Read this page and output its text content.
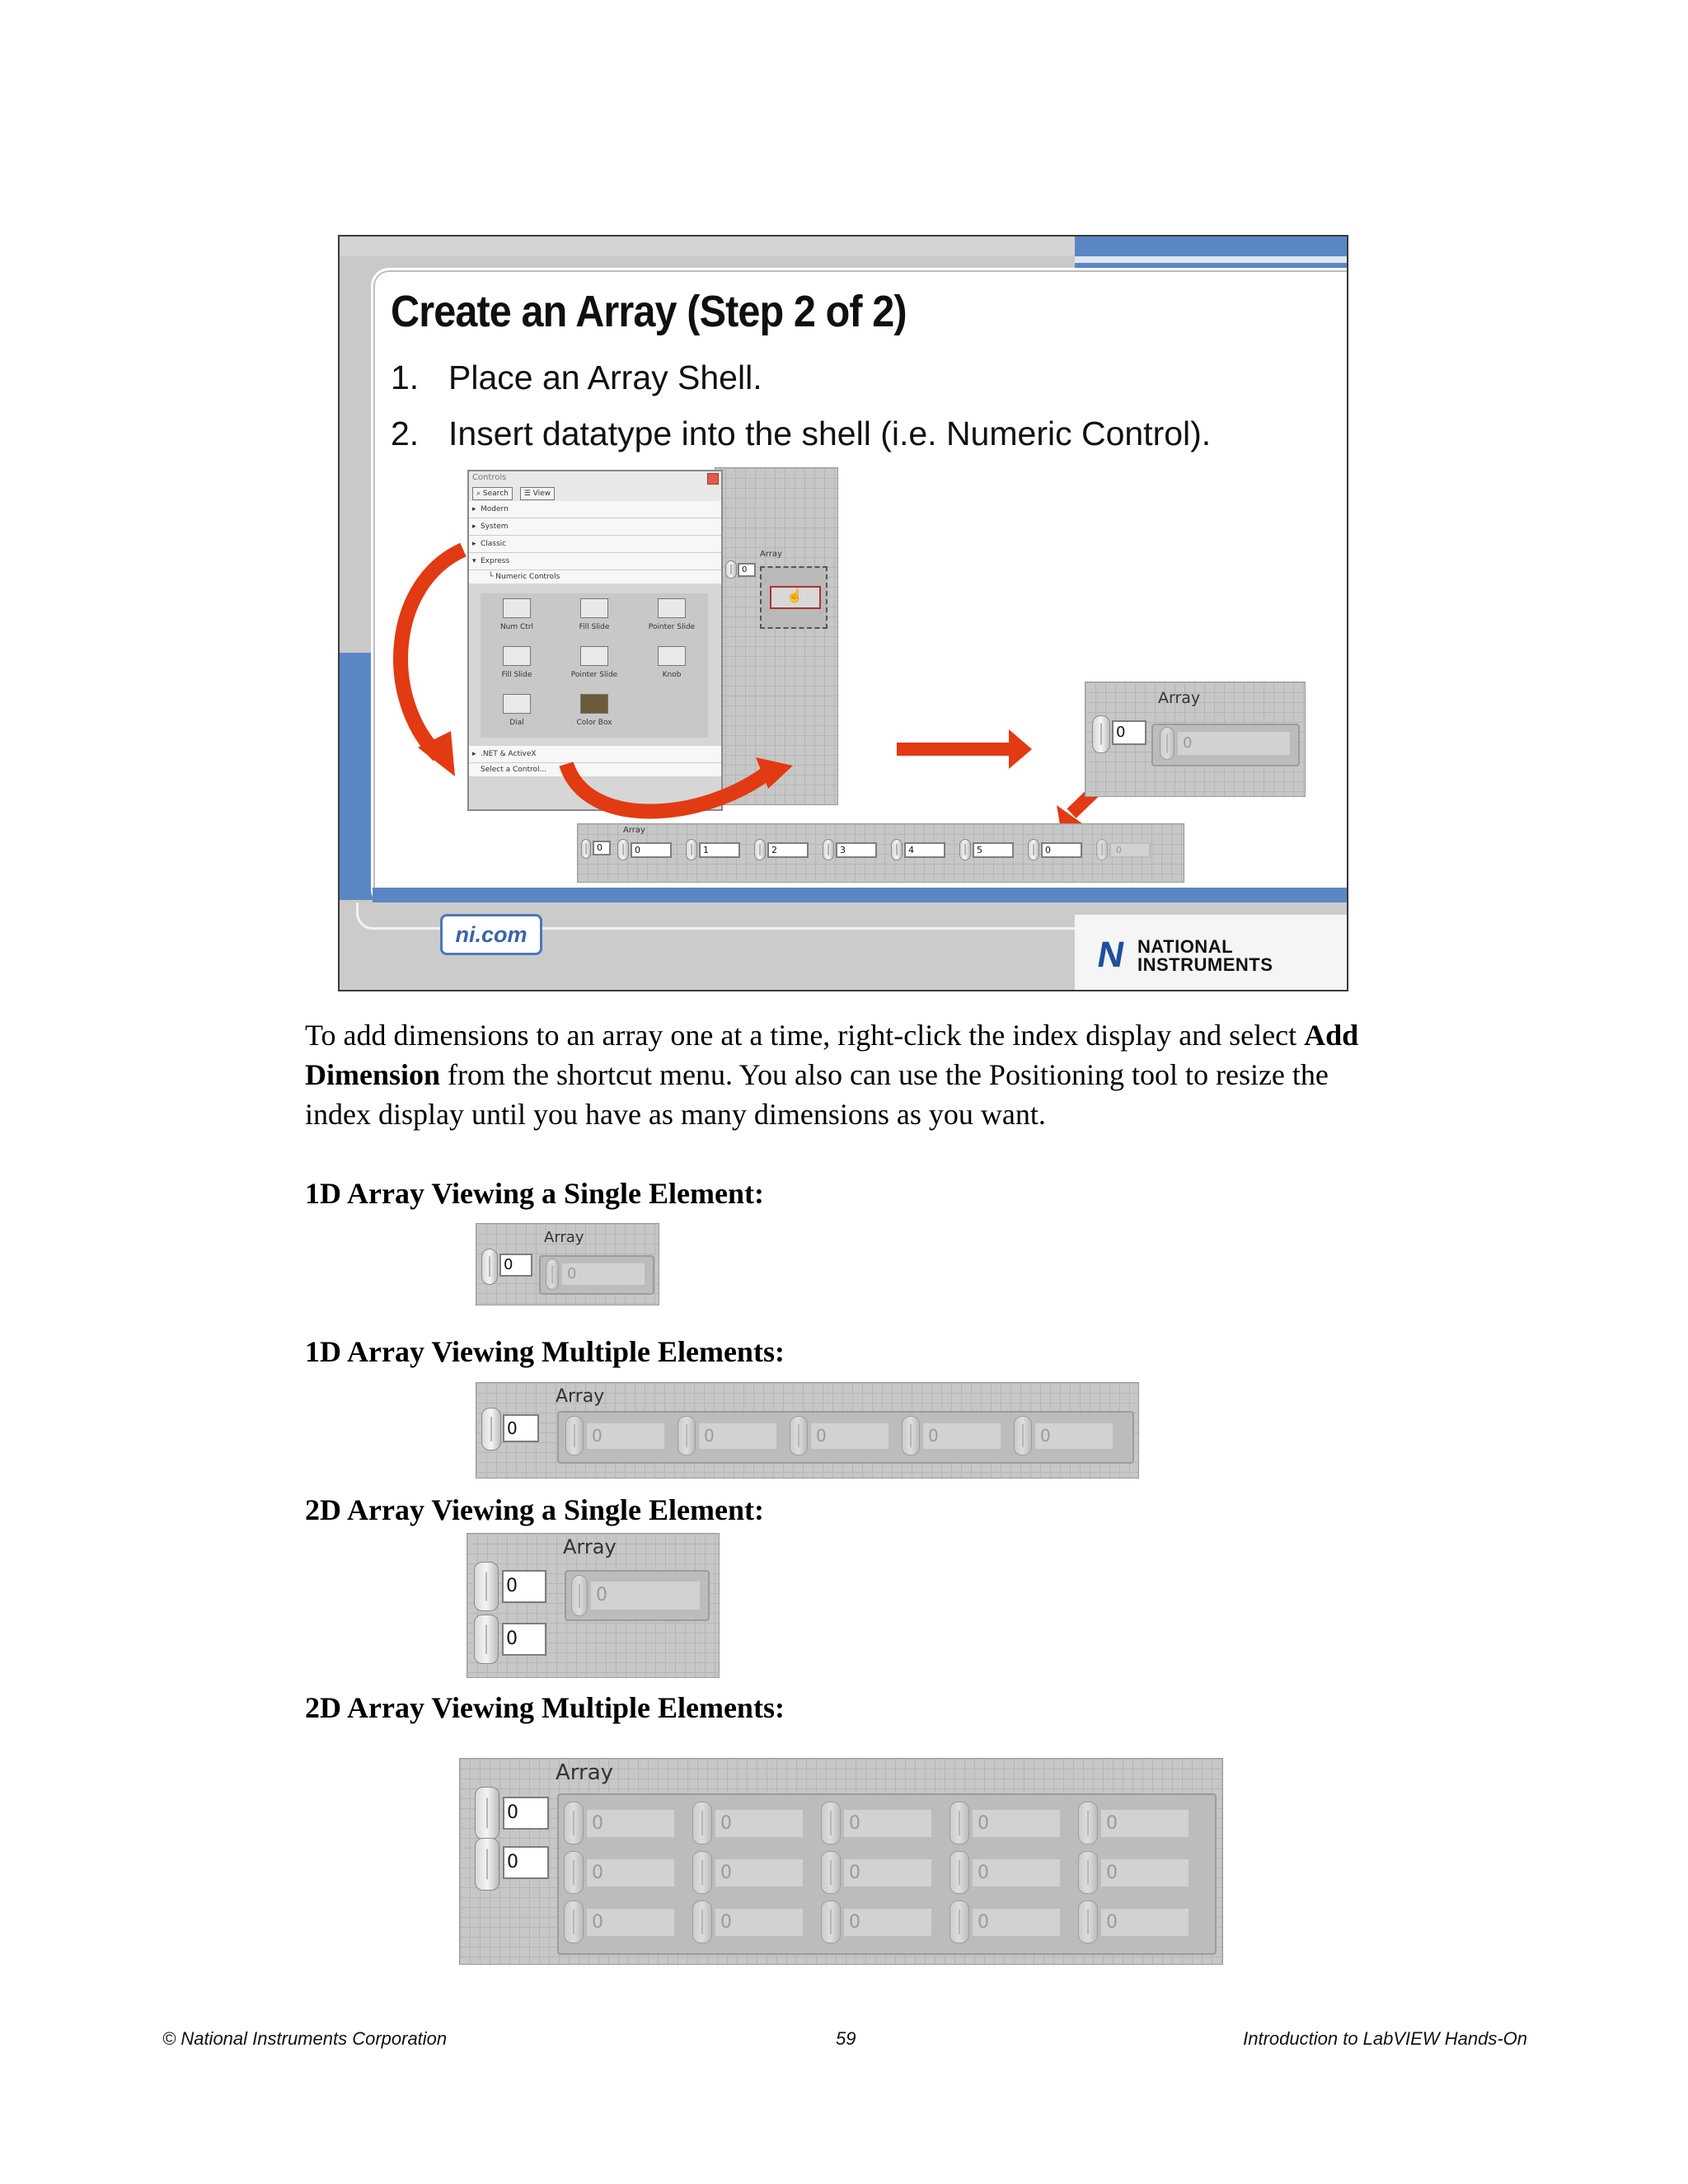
Create an Array (Step 2 of 2)
1. Place an Array Shell.
2. Insert datatype into the shell (i.e. Numeric Control).
Array
0
☝
Controls
⌕ Search ☰ View
▸ Modern
▸ System
▸ Classic
▾ Express
└ Numeric Controls
Num Ctrl	Fill Slide	Pointer Slide
Fill Slide	Pointer Slide	Knob
Dial	Color Box
▸ .NET & ActiveX
Select a Control...
Array
0
0
Array
0	0	1	2	3	4	5	0	0
ni.com	N NATIONAL
INSTRUMENTS
To add dimensions to an array one at a time, right-click the index display and select Add Dimension from the shortcut menu. You also can use the Positioning tool to resize the index display until you have as many dimensions as you want.
1D Array Viewing a Single Element:
Array
0
0
1D Array Viewing Multiple Elements:
Array
0	0	0	0	0	0
2D Array Viewing a Single Element:
Array
0
0
0
2D Array Viewing Multiple Elements:
Array
0
0
0	0	0	0	0
0	0	0	0	0
0	0	0	0	0
© National Instruments Corporation	59	Introduction to LabVIEW Hands-On
